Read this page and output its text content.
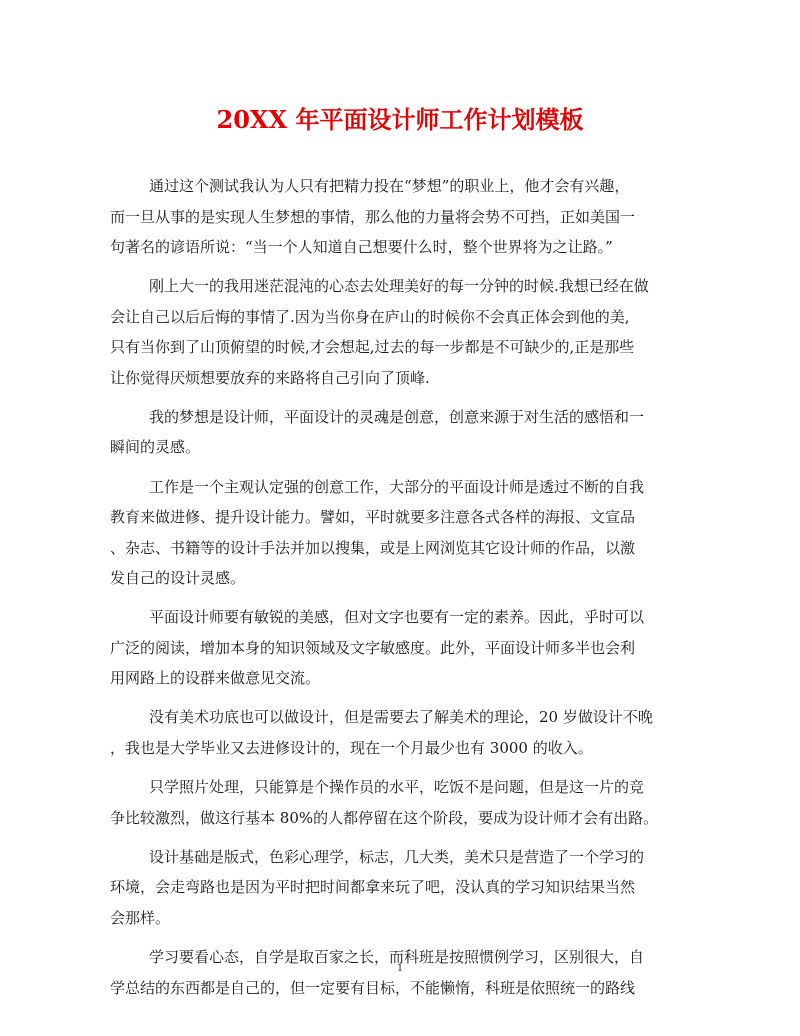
20XX 年平面设计师工作计划模板

通过这个测试我认为人只有把精力投在“梦想”的职业上，他才会有兴趣，
而一旦从事的是实现人生梦想的事情，那么他的力量将会势不可挡，正如美国一
句著名的谚语所说：“当一个人知道自己想要什么时，整个世界将为之让路。”

刚上大一的我用迷茫混沌的心态去处理美好的每一分钟的时候.我想已经在做
会让自己以后后悔的事情了.因为当你身在庐山的时候你不会真正体会到他的美,
只有当你到了山顶俯望的时候,才会想起,过去的每一步都是不可缺少的,正是那些
让你觉得厌烦想要放弃的来路将自己引向了顶峰.

我的梦想是设计师，平面设计的灵魂是创意，创意来源于对生活的感悟和一
瞬间的灵感。

工作是一个主观认定强的创意工作，大部分的平面设计师是透过不断的自我
教育来做进修、提升设计能力。譬如，平时就要多注意各式各样的海报、文宣品
、杂志、书籍等的设计手法并加以搜集，或是上网浏览其它设计师的作品，以激
发自己的设计灵感。

平面设计师要有敏锐的美感，但对文字也要有一定的素养。因此，乎时可以
广泛的阅读，增加本身的知识领域及文字敏感度。此外，平面设计师多半也会利
用网路上的设群来做意见交流。

没有美术功底也可以做设计，但是需要去了解美术的理论，20 岁做设计不晚
，我也是大学毕业又去进修设计的，现在一个月最少也有 3000 的收入。

只学照片处理，只能算是个操作员的水平，吃饭不是问题，但是这一片的竞
争比较激烈，做这行基本 80%的人都停留在这个阶段，要成为设计师才会有出路。

设计基础是版式，色彩心理学，标志，几大类，美术只是营造了一个学习的
环境，会走弯路也是因为平时把时间都拿来玩了吧，没认真的学习知识结果当然
会那样。

学习要看心态，自学是取百家之长，而科班是按照惯例学习，区别很大，自
学总结的东西都是自己的，但一定要有目标，不能懒惰，科班是依照统一的路线

1
